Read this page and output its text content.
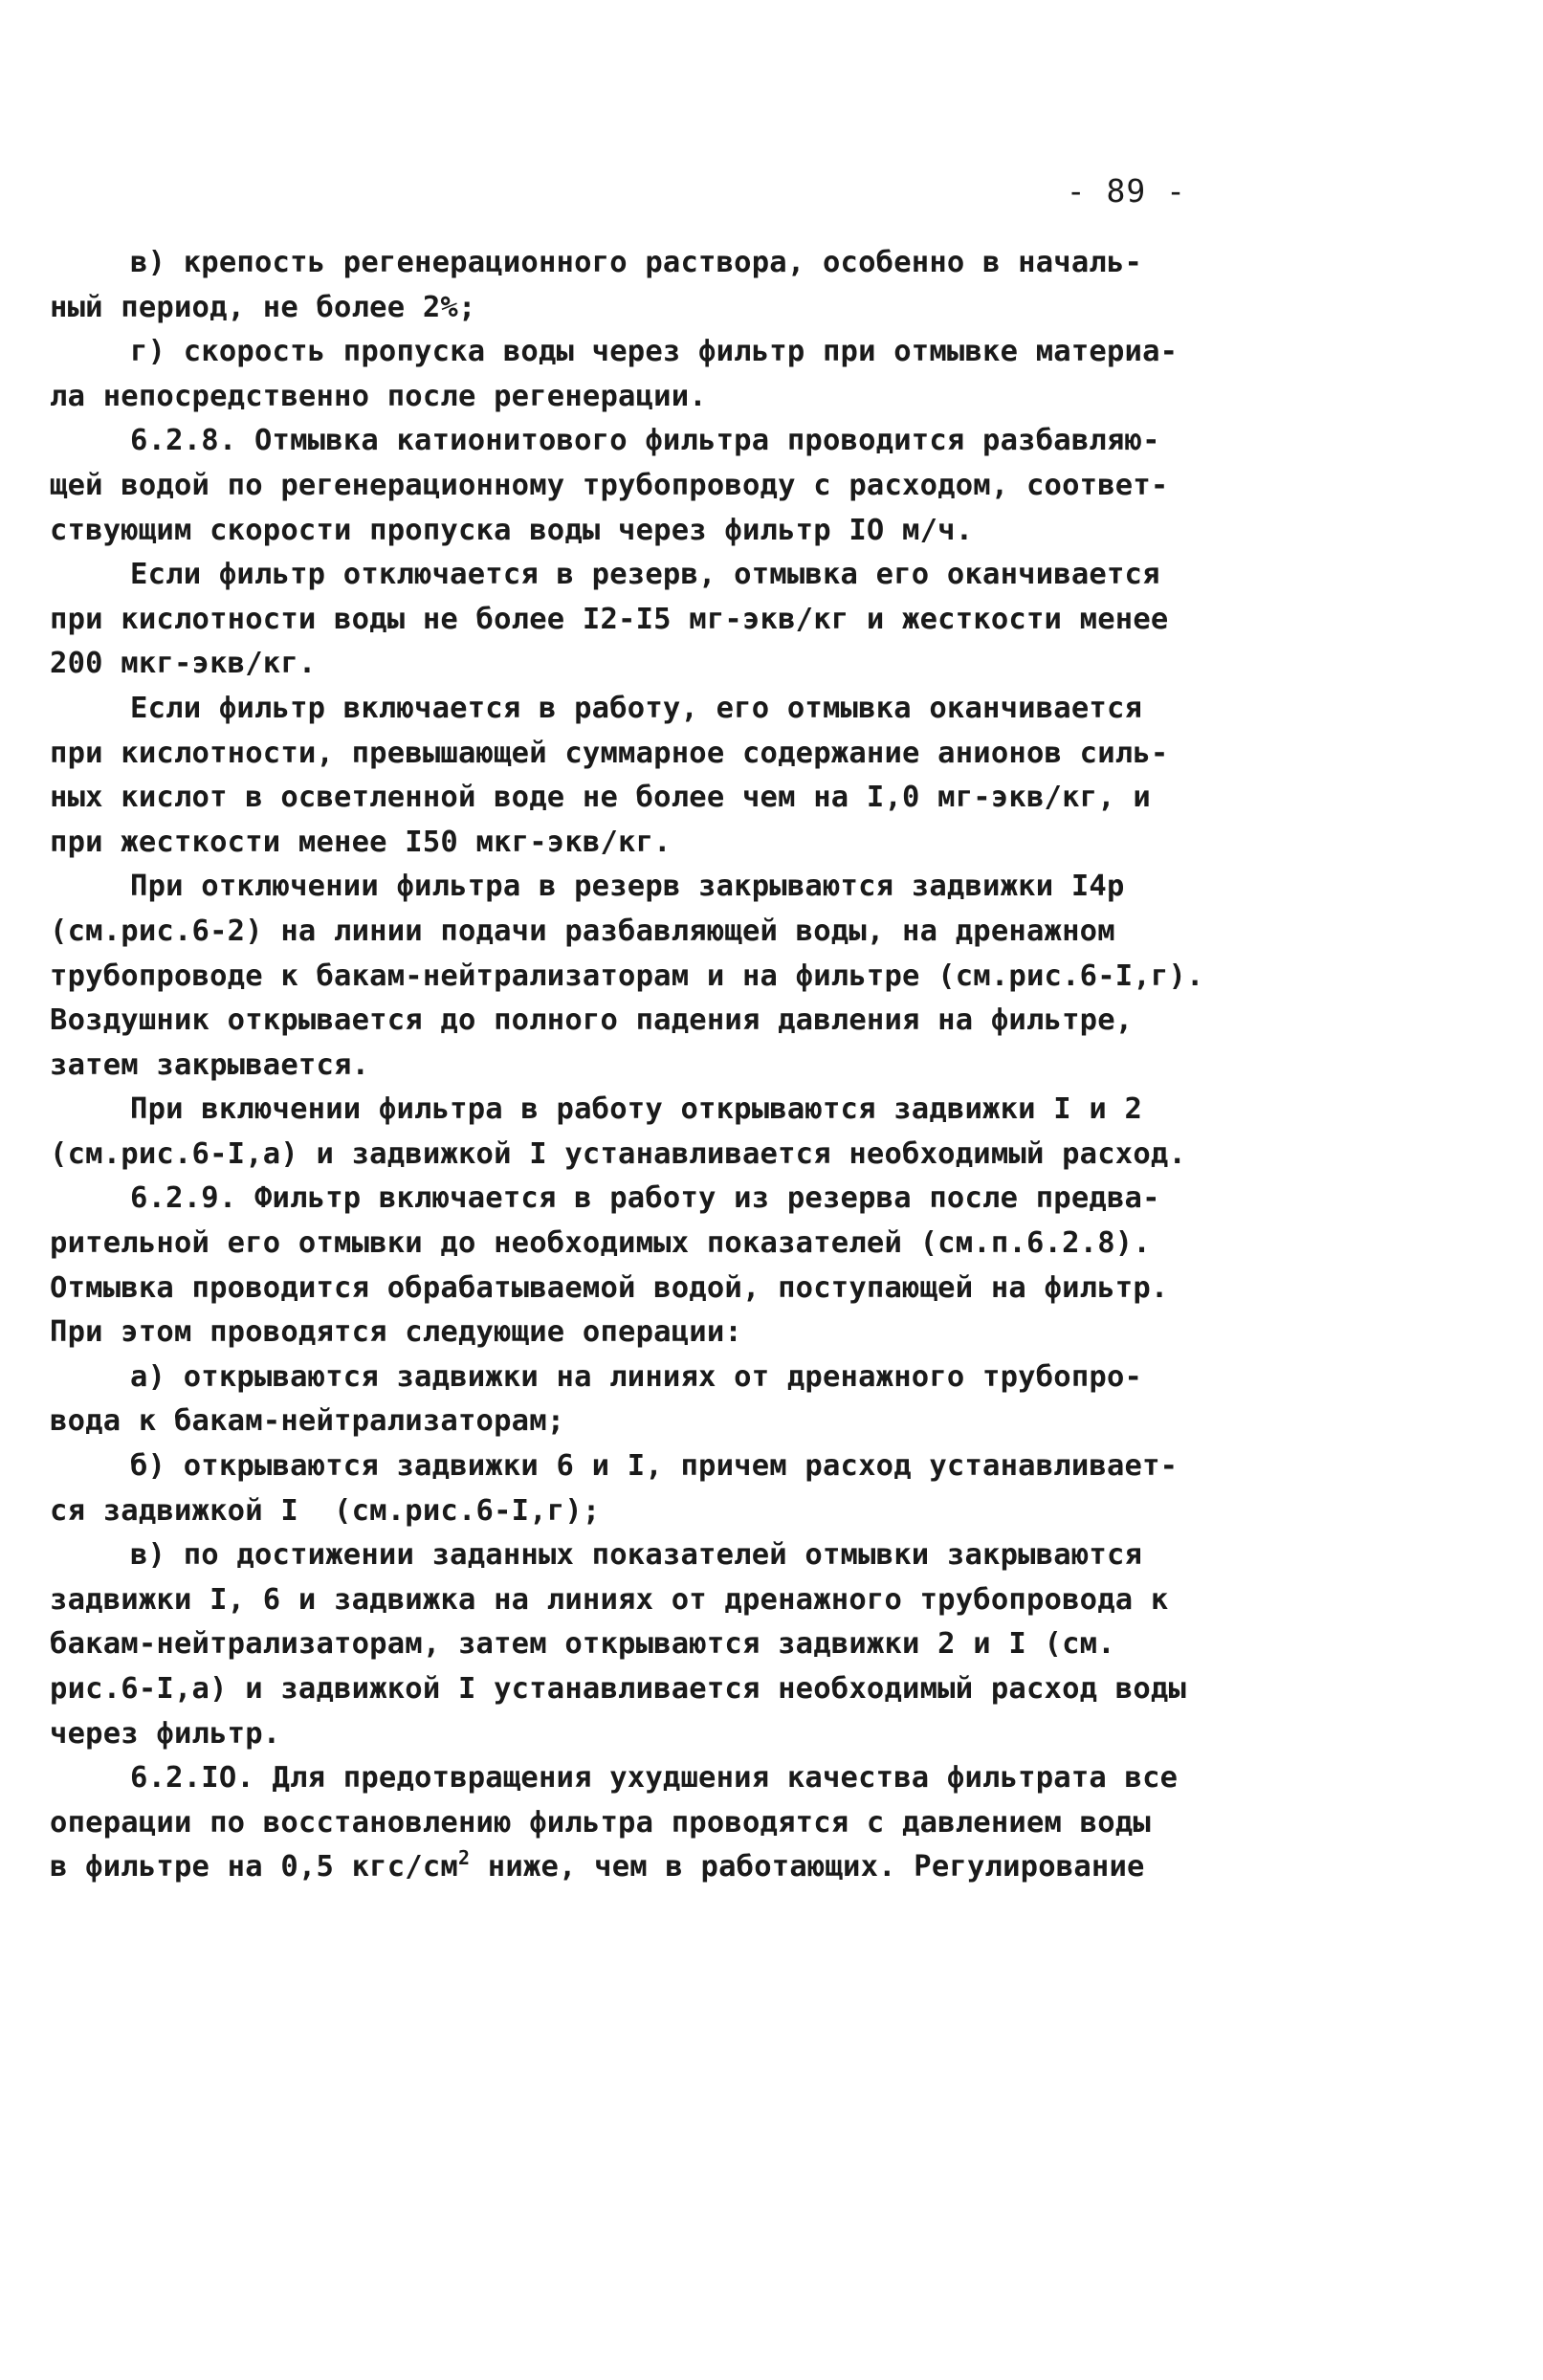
- 89 -
в) крепость регенерационного раствора, особенно в началь-
ный период, не более 2%;
г) скорость пропуска воды через фильтр при отмывке материа-
ла непосредственно после регенерации.
6.2.8. Отмывка катионитового фильтра проводится разбавляю-
щей водой по регенерационному трубопроводу с расходом, соответ-
ствующим скорости пропуска воды через фильтр IO м/ч.
Если фильтр отключается в резерв, отмывка его оканчивается
при кислотности воды не более I2-I5 мг-экв/кг и жесткости менее
200 мкг-экв/кг.
Если фильтр включается в работу, его отмывка оканчивается
при кислотности, превышающей суммарное содержание анионов силь-
ных кислот в осветленной воде не более чем на I,0 мг-экв/кг, и
при жесткости менее I50 мкг-экв/кг.
При отключении фильтра в резерв закрываются задвижки I4р
(см.рис.6-2) на линии подачи разбавляющей воды, на дренажном
трубопроводе к бакам-нейтрализаторам и на фильтре (см.рис.6-I,г).
Воздушник открывается до полного падения давления на фильтре,
затем закрывается.
При включении фильтра в работу открываются задвижки I и 2
(см.рис.6-I,а) и задвижкой I устанавливается необходимый расход.
6.2.9. Фильтр включается в работу из резерва после предва-
рительной его отмывки до необходимых показателей (см.п.6.2.8).
Отмывка проводится обрабатываемой водой, поступающей на фильтр.
При этом проводятся следующие операции:
а) открываются задвижки на линиях от дренажного трубопро-
вода к бакам-нейтрализаторам;
б) открываются задвижки 6 и I, причем расход устанавливает-
ся задвижкой I  (см.рис.6-I,г);
в) по достижении заданных показателей отмывки закрываются
задвижки I, 6 и задвижка на линиях от дренажного трубопровода к
бакам-нейтрализаторам, затем открываются задвижки 2 и I (см.
рис.6-I,а) и задвижкой I устанавливается необходимый расход воды
через фильтр.
6.2.IO. Для предотвращения ухудшения качества фильтрата все
операции по восстановлению фильтра проводятся с давлением воды
в фильтре на 0,5 кгс/$см^2$ ниже, чем в работающих. Регулирование
